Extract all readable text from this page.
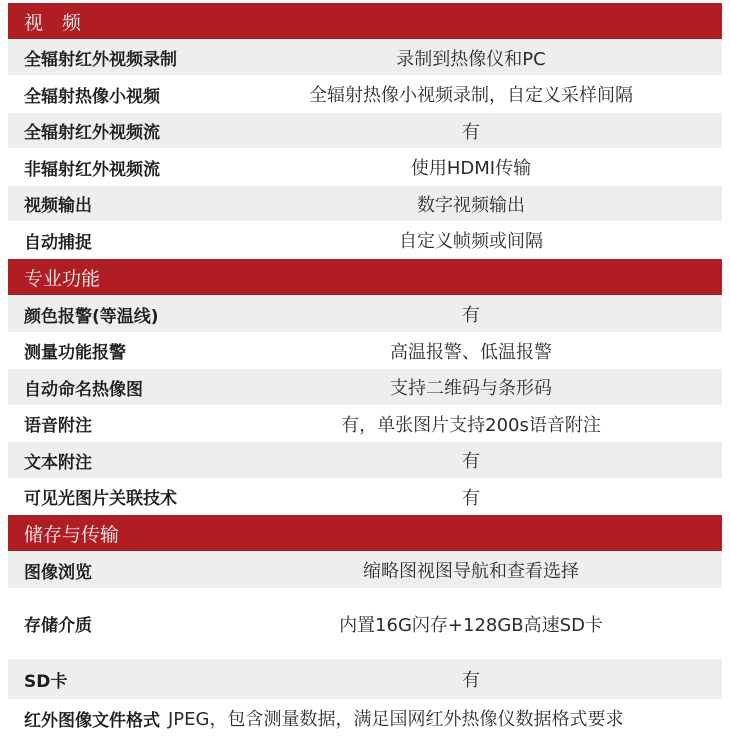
视　频
全辐射红外视频录制	录制到热像仪和PC
全辐射热像小视频	全辐射热像小视频录制，自定义采样间隔
全辐射红外视频流	有
非辐射红外视频流	使用HDMI传输
视频输出	数字视频输出
自动捕捉	自定义帧频或间隔
专业功能
颜色报警(等温线)	有
测量功能报警	高温报警、低温报警
自动命名热像图	支持二维码与条形码
语音附注	有，单张图片支持200s语音附注
文本附注	有
可见光图片关联技术	有
储存与传输
图像浏览	缩略图视图导航和查看选择
存储介质	内置16G闪存+128GB高速SD卡
SD卡	有
红外图像文件格式 JPEG，包含测量数据，满足国网红外热像仪数据格式要求
